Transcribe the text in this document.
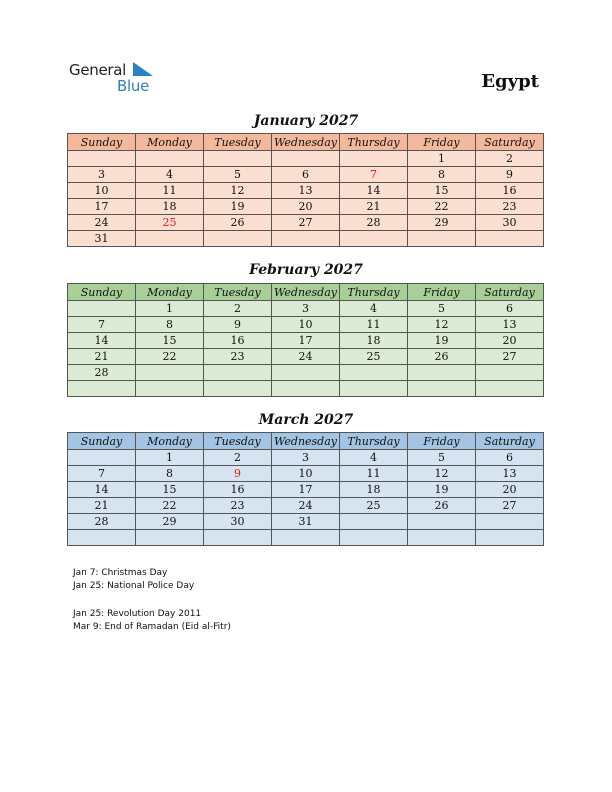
General
Blue	Egypt
January 2027
Sunday	Monday	Tuesday	Wednesday	Thursday	Friday	Saturday
					1	2
3	4	5	6	7	8	9
10	11	12	13	14	15	16
17	18	19	20	21	22	23
24	25	26	27	28	29	30
31						
February 2027
Sunday	Monday	Tuesday	Wednesday	Thursday	Friday	Saturday
	1	2	3	4	5	6
7	8	9	10	11	12	13
14	15	16	17	18	19	20
21	22	23	24	25	26	27
28						

March 2027
Sunday	Monday	Tuesday	Wednesday	Thursday	Friday	Saturday
	1	2	3	4	5	6
7	8	9	10	11	12	13
14	15	16	17	18	19	20
21	22	23	24	25	26	27
28	29	30	31			

Jan 7: Christmas Day
Jan 25: National Police Day
Jan 25: Revolution Day 2011
Mar 9: End of Ramadan (Eid al-Fitr)
